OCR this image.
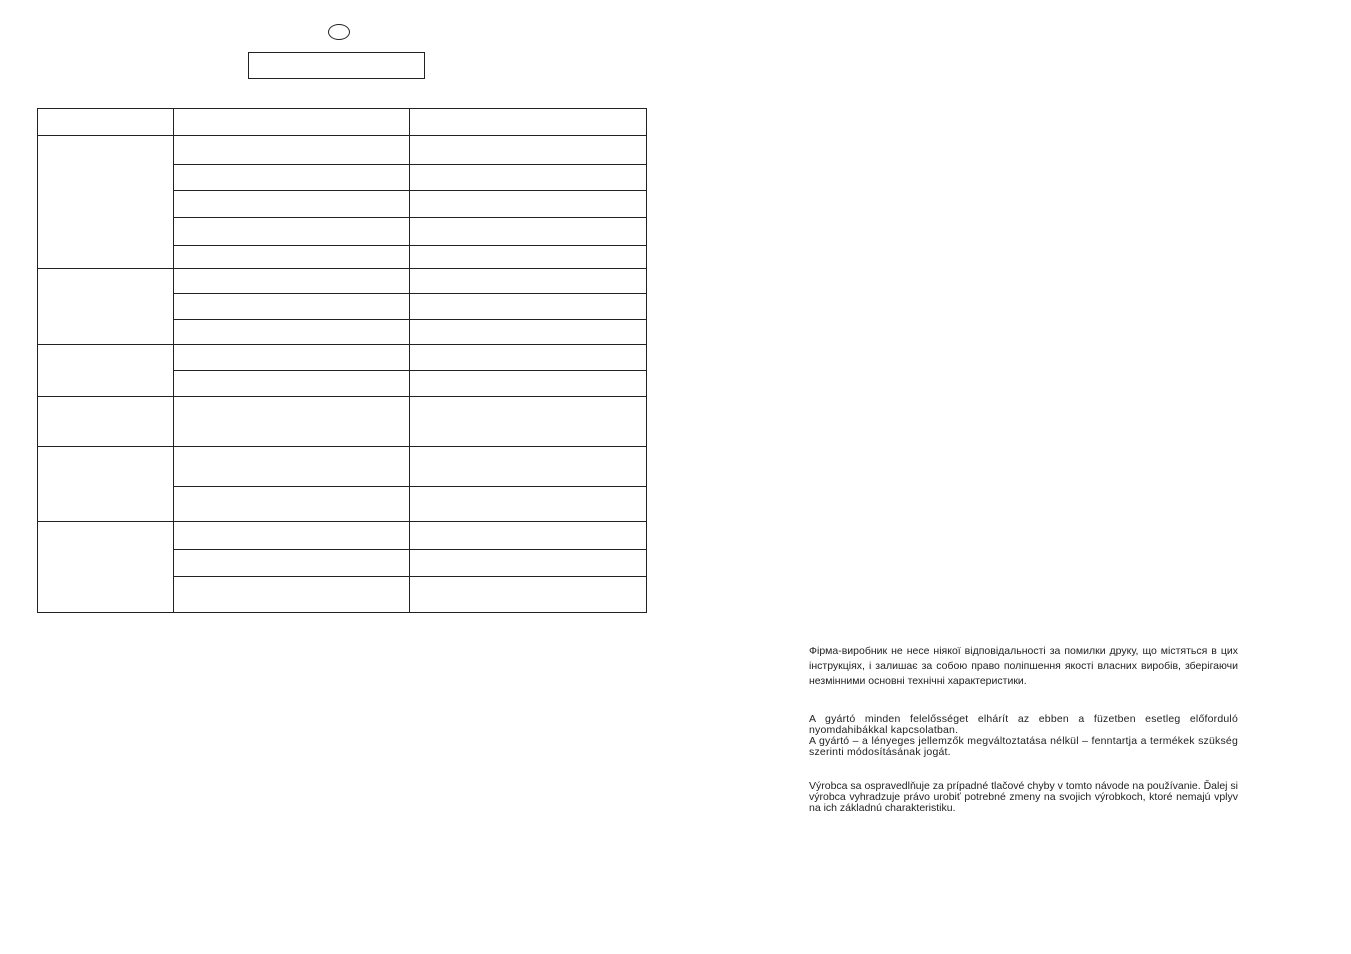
Фірма-виробник не несе ніякої відповідальності за помилки друку, що містяться в цих інструкціях, і залишає за собою право поліпшення якості власних виробів, зберігаючи незмінними основні технічні характеристики.

A gyártó minden felelősséget elhárít az ebben a füzetben esetleg előforduló nyomdahibákkal kapcsolatban.

A gyártó – a lényeges jellemzők megváltoztatása nélkül – fenntartja a termékek szükség szerinti módosításának jogát.

Výrobca sa ospravedlňuje za prípadné tlačové chyby v tomto návode na používanie. Ďalej si výrobca vyhradzuje právo urobiť potrebné zmeny na svojich výrobkoch, ktoré nemajú vplyv na ich základnú charakteristiku.
